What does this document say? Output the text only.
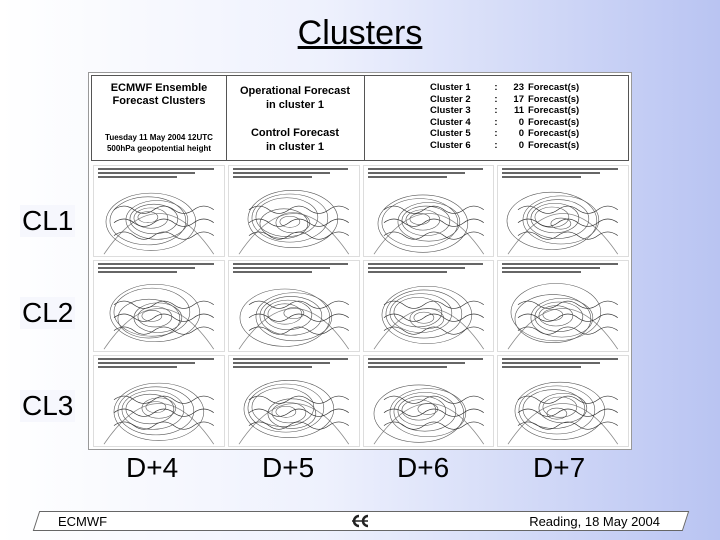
Clusters
ECMWF Ensemble
Forecast Clusters
Tuesday 11 May 2004 12UTC
500hPa geopotential height
Operational Forecast
in cluster 1
Control Forecast
in cluster 1
Cluster 1	:	23 Forecast(s)
Cluster 2	:	17 Forecast(s)
Cluster 3	:	11 Forecast(s)
Cluster 4	:	0 Forecast(s)
Cluster 5	:	0 Forecast(s)
Cluster 6	:	0 Forecast(s)
CL1
CL2
CL3
D+4	D+5	D+6	D+7
ECMWF	Reading, 18 May 2004
